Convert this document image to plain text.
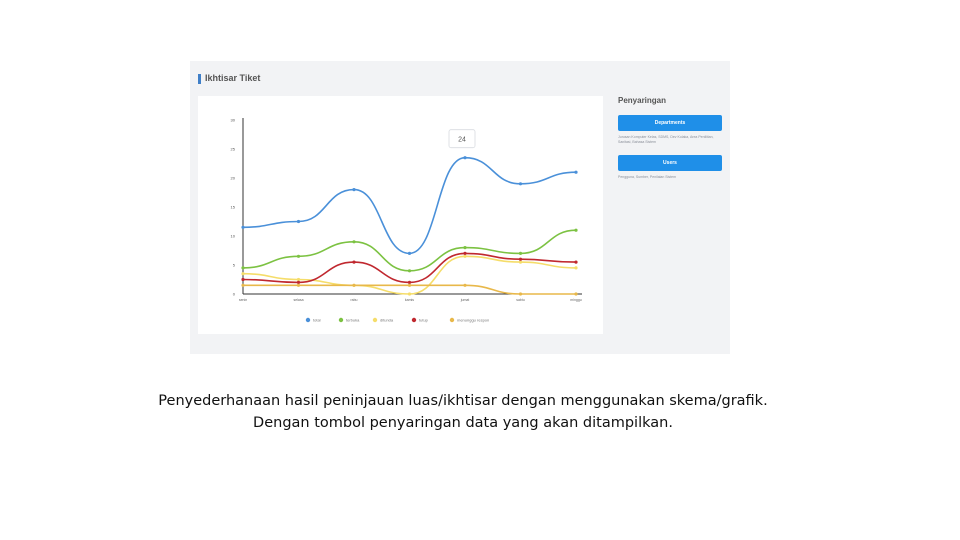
Ikhtisar Tiket
0
5
10
15
20
25
30
senin	selasa	rabu	kamis	jumat	sabtu	minggu
24
total	terbuka	ditunda	tutup	menunggu respon
Penyaringan
Departments
Jurusan Komputer Kelas, SDMS, Dev Kolaka, Area Penilitian, Sanitasi, Bahasa Sistem
Users
Pengguna, Sumber, Penilaian Sistem
Penyederhanaan hasil peninjauan luas/ikhtisar dengan menggunakan skema/grafik.
Dengan tombol penyaringan data yang akan ditampilkan.
